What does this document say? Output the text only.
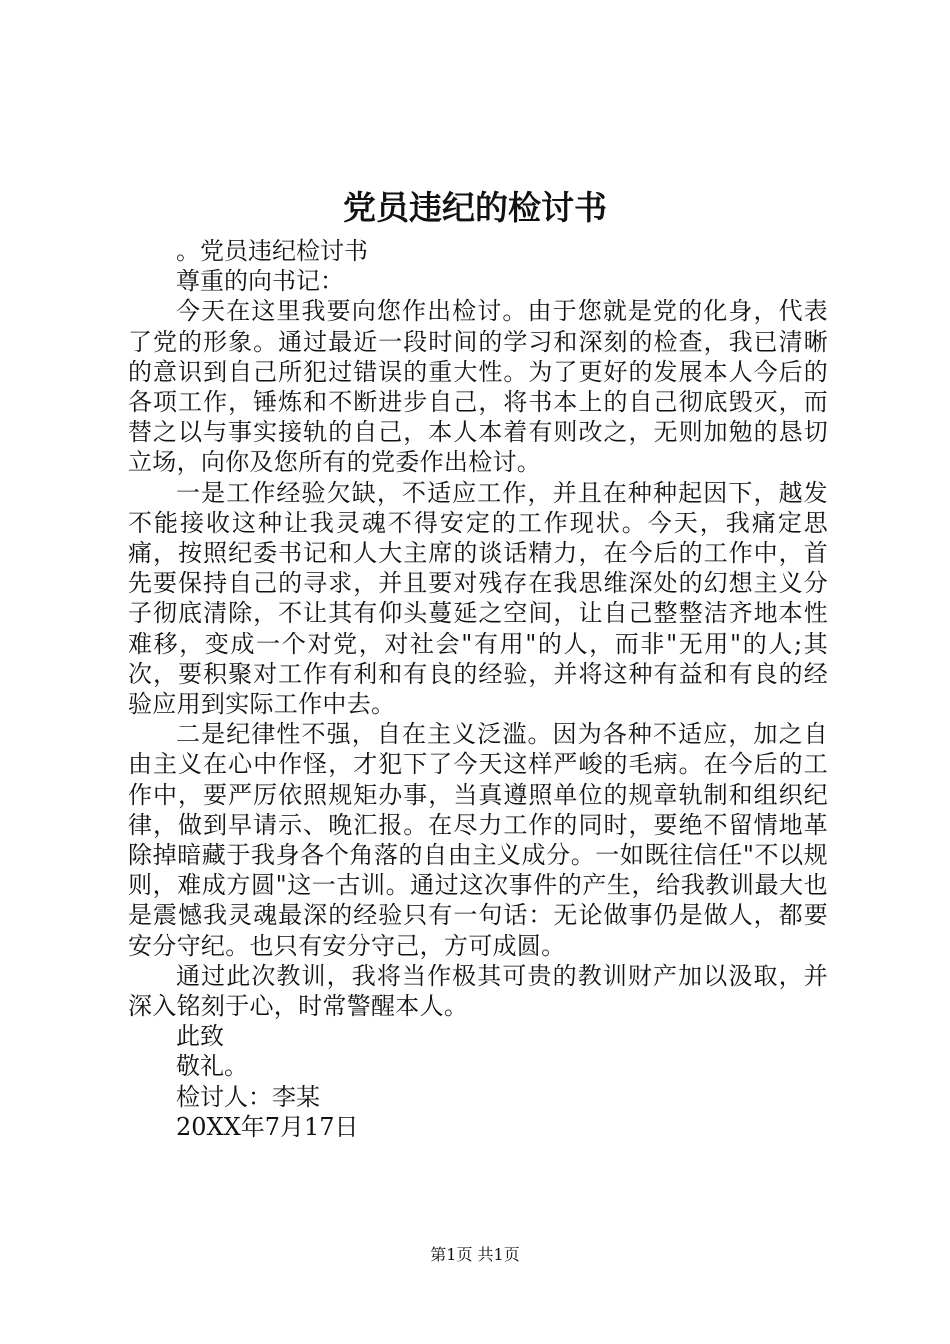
党员违纪的检讨书

。党员违纪检讨书

尊重的向书记：

今天在这里我要向您作出检讨。由于您就是党的化身，代表了党的形象。通过最近一段时间的学习和深刻的检查，我已清晰的意识到自己所犯过错误的重大性。为了更好的发展本人今后的各项工作，锤炼和不断进步自己，将书本上的自己彻底毁灭，而替之以与事实接轨的自己，本人本着有则改之，无则加勉的恳切立场，向你及您所有的党委作出检讨。

一是工作经验欠缺，不适应工作，并且在种种起因下，越发不能接收这种让我灵魂不得安定的工作现状。今天，我痛定思痛，按照纪委书记和人大主席的谈话精力，在今后的工作中，首先要保持自己的寻求，并且要对残存在我思维深处的幻想主义分子彻底清除，不让其有仰头蔓延之空间，让自己整整洁齐地本性难移，变成一个对党，对社会"有用"的人，而非"无用"的人;其次，要积聚对工作有利和有良的经验，并将这种有益和有良的经验应用到实际工作中去。

二是纪律性不强，自在主义泛滥。因为各种不适应，加之自由主义在心中作怪，才犯下了今天这样严峻的毛病。在今后的工作中，要严厉依照规矩办事，当真遵照单位的规章轨制和组织纪律，做到早请示、晚汇报。在尽力工作的同时，要绝不留情地革除掉暗藏于我身各个角落的自由主义成分。一如既往信任"不以规则，难成方圆"这一古训。通过这次事件的产生，给我教训最大也是震憾我灵魂最深的经验只有一句话：无论做事仍是做人，都要安分守纪。也只有安分守己，方可成圆。

通过此次教训，我将当作极其可贵的教训财产加以汲取，并深入铭刻于心，时常警醒本人。

此致

敬礼。

检讨人：李某

20XX年7月17日

第1页 共1页
